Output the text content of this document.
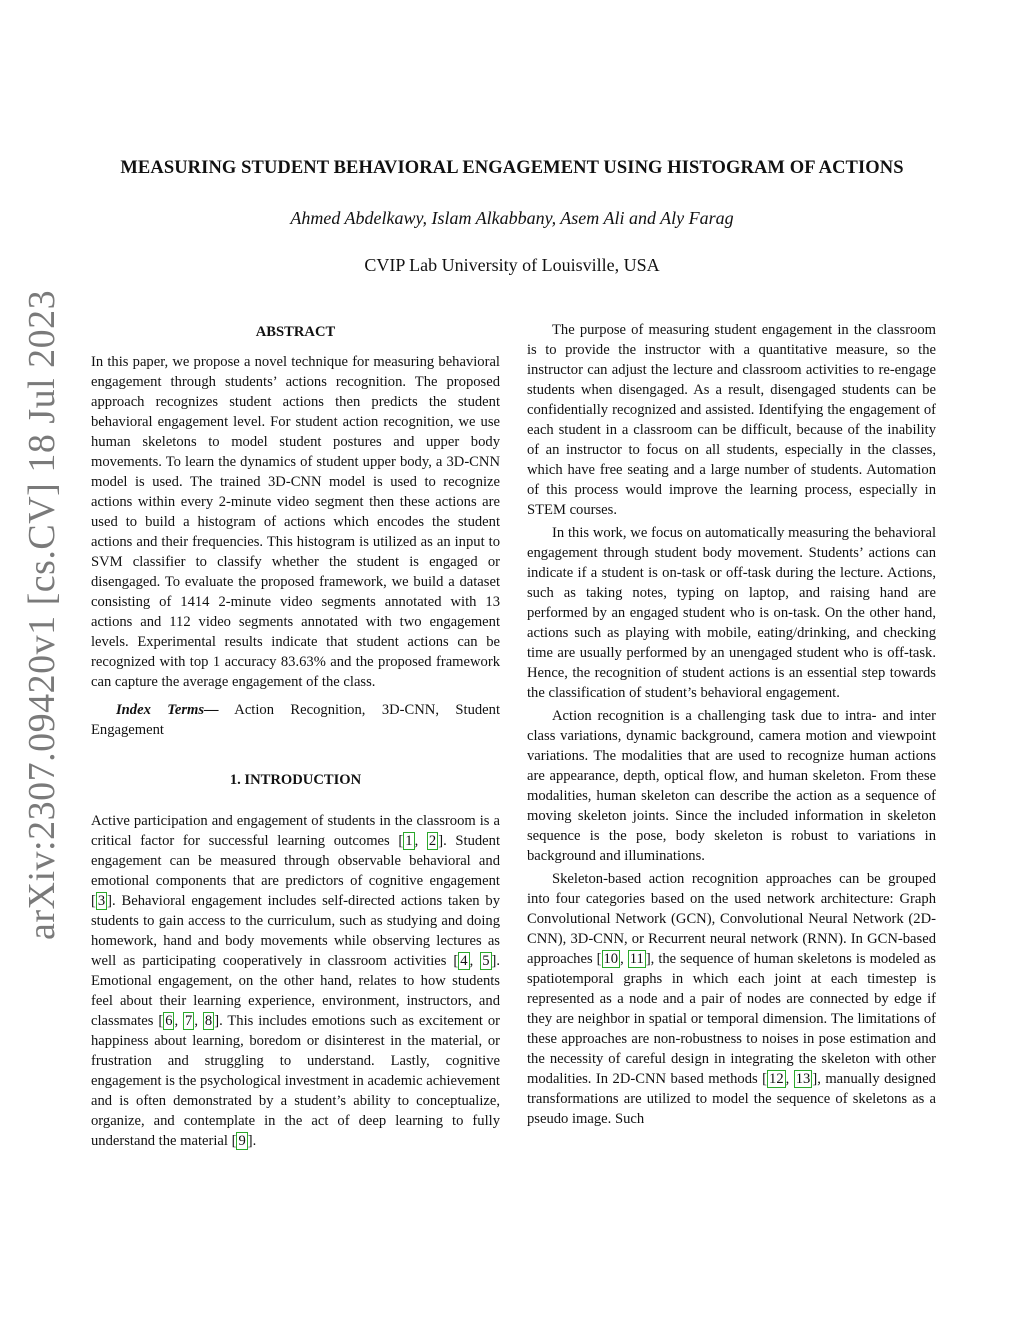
arXiv:2307.09420v1 [cs.CV] 18 Jul 2023
MEASURING STUDENT BEHAVIORAL ENGAGEMENT USING HISTOGRAM OF ACTIONS
Ahmed Abdelkawy, Islam Alkabbany, Asem Ali and Aly Farag
CVIP Lab University of Louisville, USA
ABSTRACT

In this paper, we propose a novel technique for measuring behavioral engagement through students’ actions recognition. The proposed approach recognizes student actions then predicts the student behavioral engagement level. For student action recognition, we use human skeletons to model student postures and upper body movements. To learn the dynamics of student upper body, a 3D-CNN model is used. The trained 3D-CNN model is used to recognize actions within every 2-minute video segment then these actions are used to build a histogram of actions which encodes the student actions and their frequencies. This histogram is utilized as an input to SVM classifier to classify whether the student is engaged or disengaged. To evaluate the proposed framework, we build a dataset consisting of 1414 2-minute video segments annotated with 13 actions and 112 video segments annotated with two engagement levels. Experimental results indicate that student actions can be recognized with top 1 accuracy 83.63% and the proposed framework can capture the average engagement of the class.

Index Terms— Action Recognition, 3D-CNN, Student Engagement

1. INTRODUCTION

Active participation and engagement of students in the classroom is a critical factor for successful learning outcomes [ 1 , 2 ]. Student engagement can be measured through observable behavioral and emotional components that are predictors of cognitive engagement [ 3 ]. Behavioral engagement includes self-directed actions taken by students to gain access to the curriculum, such as studying and doing homework, hand and body movements while observing lectures as well as participating cooperatively in classroom activities [ 4 , 5 ]. Emotional engagement, on the other hand, relates to how students feel about their learning experience, environment, instructors, and classmates [ 6 , 7 , 8 ]. This includes emotions such as excitement or happiness about learning, boredom or disinterest in the material, or frustration and struggling to understand. Lastly, cognitive engagement is the psychological investment in academic achievement and is often demonstrated by a student’s ability to conceptualize, organize, and contemplate in the act of deep learning to fully understand the material [ 9 ].

The purpose of measuring student engagement in the classroom is to provide the instructor with a quantitative measure, so the instructor can adjust the lecture and classroom activities to re-engage students when disengaged. As a result, disengaged students can be confidentially recognized and assisted. Identifying the engagement of each student in a classroom can be difficult, because of the inability of an instructor to focus on all students, especially in the classes, which have free seating and a large number of students. Automation of this process would improve the learning process, especially in STEM courses.

In this work, we focus on automatically measuring the behavioral engagement through student body movement. Students’ actions can indicate if a student is on-task or off-task during the lecture. Actions, such as taking notes, typing on laptop, and raising hand are performed by an engaged student who is on-task. On the other hand, actions such as playing with mobile, eating/drinking, and checking time are usually performed by an unengaged student who is off-task. Hence, the recognition of student actions is an essential step towards the classification of student’s behavioral engagement.

Action recognition is a challenging task due to intra- and inter class variations, dynamic background, camera motion and viewpoint variations. The modalities that are used to recognize human actions are appearance, depth, optical flow, and human skeleton. From these modalities, human skeleton can describe the action as a sequence of moving skeleton joints. Since the included information in skeleton sequence is the pose, body skeleton is robust to variations in background and illuminations.

Skeleton-based action recognition approaches can be grouped into four categories based on the used network architecture: Graph Convolutional Network (GCN), Convolutional Neural Network (2D-CNN), 3D-CNN, or Recurrent neural network (RNN). In GCN-based approaches [ 10 , 11 ], the sequence of human skeletons is modeled as spatiotemporal graphs in which each joint at each timestep is represented as a node and a pair of nodes are connected by edge if they are neighbor in spatial or temporal dimension. The limitations of these approaches are non-robustness to noises in pose estimation and the necessity of careful design in integrating the skeleton with other modalities. In 2D-CNN based methods [ 12 , 13 ], manually designed transformations are utilized to model the sequence of skeletons as a pseudo image. Such
